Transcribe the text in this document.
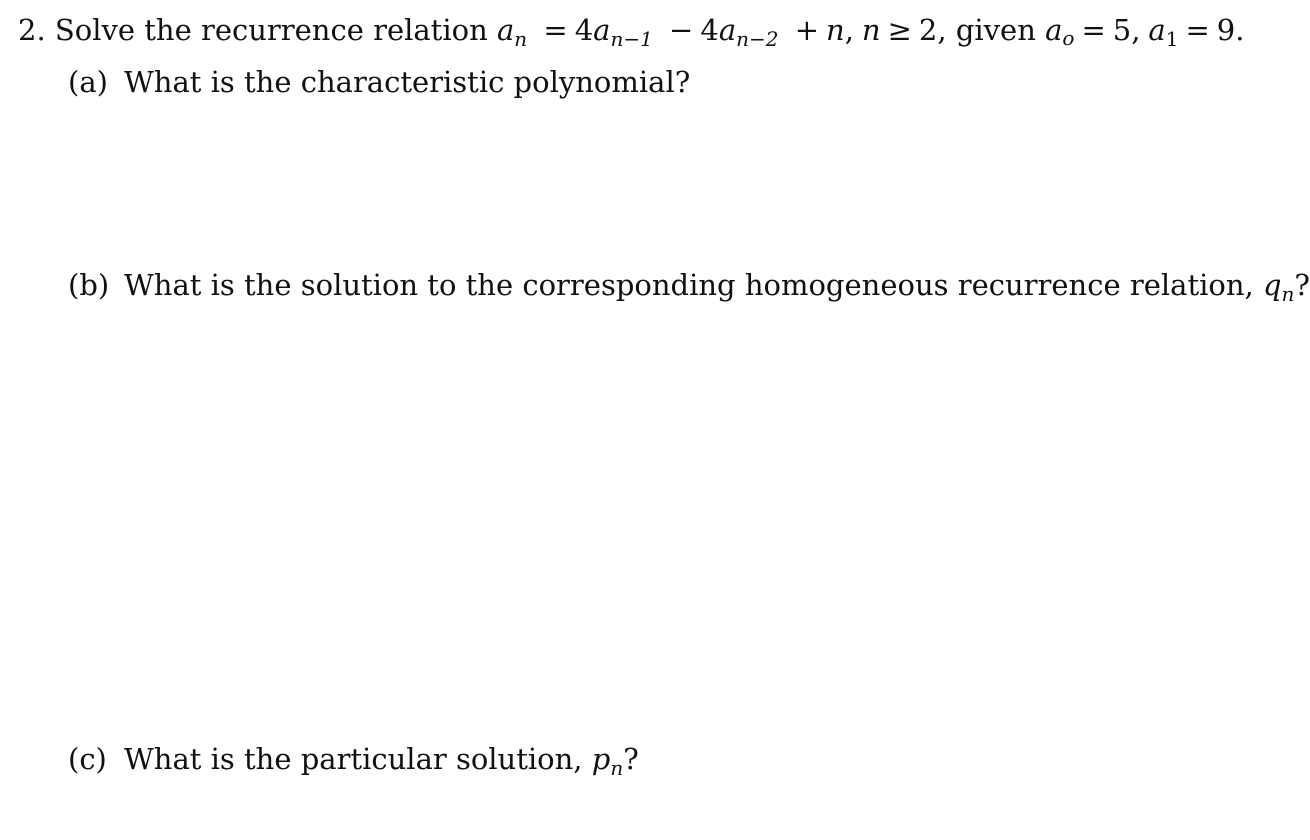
2. Solve the recurrence relation $a_n = 4a_{n-1} - 4a_{n-2} + n$, n ≥ 2, given $a_o = 5$, $a_1 = 9$.
(a) What is the characteristic polynomial?
(b) What is the solution to the corresponding homogeneous recurrence relation, $q_n$?
(c) What is the particular solution, $p_n$?
